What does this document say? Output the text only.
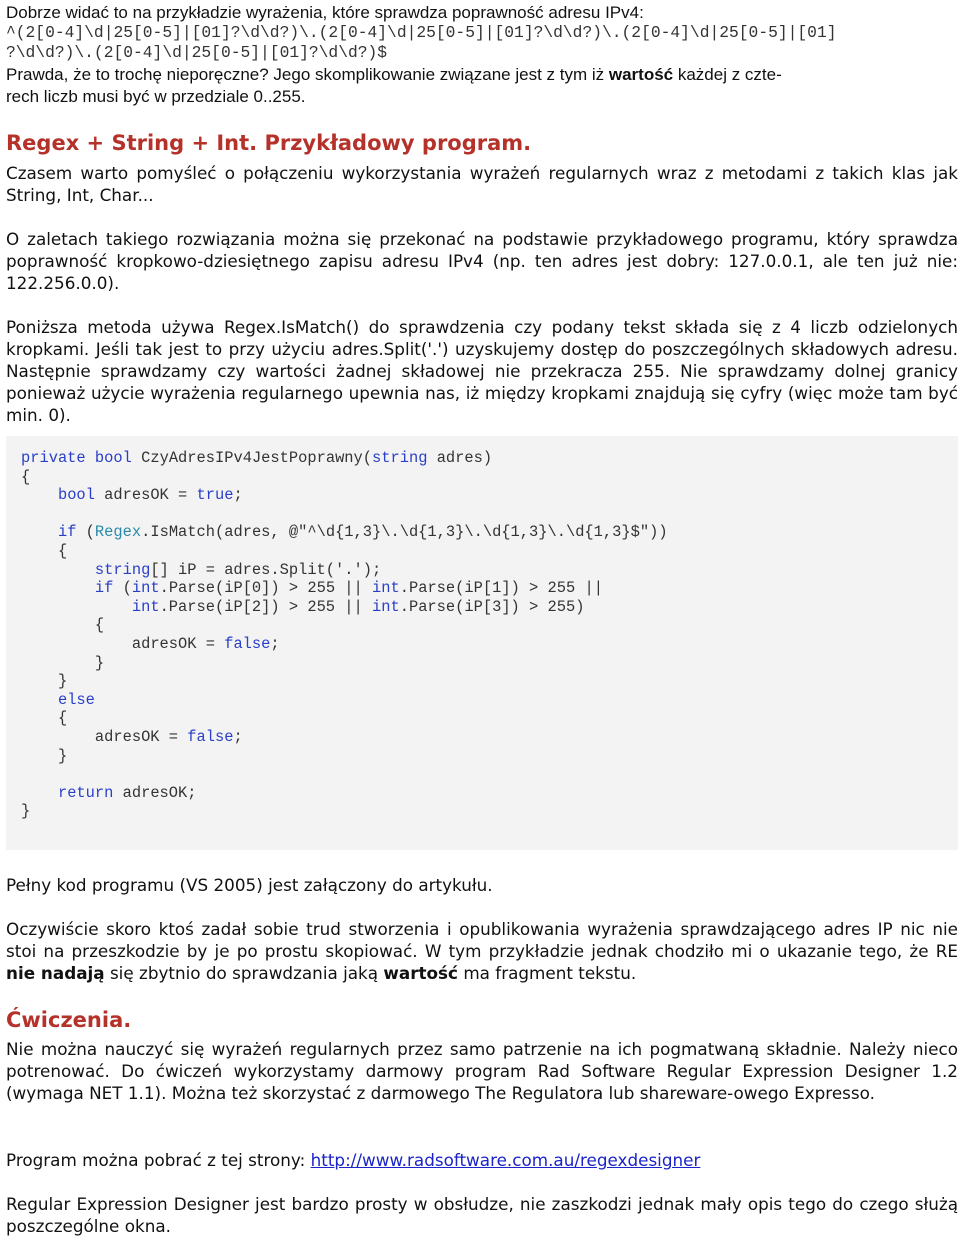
Dobrze widać to na przykładzie wyrażenia, które sprawdza poprawność adresu IPv4:

^(2[0-4]\d|25[0-5]|[01]?\d\d?)\.(2[0-4]\d|25[0-5]|[01]?\d\d?)\.(2[0-4]\d|25[0-5]|[01]
?\d\d?)\.(2[0-4]\d|25[0-5]|[01]?\d\d?)$

Prawda, że to trochę nieporęczne? Jego skomplikowanie związane jest z tym iż wartość każdej z czte-

rech liczb musi być w przedziale 0..255.

Regex + String + Int. Przykładowy program.

Czasem warto pomyśleć o połączeniu wykorzystania wyrażeń regularnych wraz z metodami z takich klas jak String, Int, Char...

O zaletach takiego rozwiązania można się przekonać na podstawie przykładowego programu, który sprawdza poprawność kropkowo-dziesiętnego zapisu adresu IPv4 (np. ten adres jest dobry: 127.0.0.1, ale ten już nie: 122.256.0.0).

Poniższa metoda używa Regex.IsMatch() do sprawdzenia czy podany tekst składa się z 4 liczb odzielonych kropkami. Jeśli tak jest to przy użyciu adres.Split('.') uzyskujemy dostęp do poszczególnych składowych adresu. Następnie sprawdzamy czy wartości żadnej składowej nie przekracza 255. Nie sprawdzamy dolnej granicy ponieważ użycie wyrażenia regularnego upewnia nas, iż między kropkami znajdują się cyfry (więc może tam być min. 0).

private bool CzyAdresIPv4JestPoprawny(string adres)
{
bool adresOK = true;

if (Regex.IsMatch(adres, @"^\d{1,3}\.\d{1,3}\.\d{1,3}\.\d{1,3}$"))
{
string[] iP = adres.Split('.');
if (int.Parse(iP[0]) > 255 || int.Parse(iP[1]) > 255 ||
int.Parse(iP[2]) > 255 || int.Parse(iP[3]) > 255)
{
adresOK = false;
}
}
else
{
adresOK = false;
}

return adresOK;
}

Pełny kod programu (VS 2005) jest załączony do artykułu.

Oczywiście skoro ktoś zadał sobie trud stworzenia i opublikowania wyrażenia sprawdzającego adres IP nic nie stoi na przeszkodzie by je po prostu skopiować. W tym przykładzie jednak chodziło mi o ukazanie tego, że RE nie nadają się zbytnio do sprawdzania jaką wartość ma fragment tekstu.

Ćwiczenia.

Nie można nauczyć się wyrażeń regularnych przez samo patrzenie na ich pogmatwaną składnie. Należy nieco potrenować. Do ćwiczeń wykorzystamy darmowy program Rad Software Regular Expression Designer 1.2 (wymaga NET 1.1). Można też skorzystać z darmowego The Regulatora lub shareware-owego Expresso.

Program można pobrać z tej strony: http://www.radsoftware.com.au/regexdesigner

Regular Expression Designer jest bardzo prosty w obsłudze, nie zaszkodzi jednak mały opis tego do czego służą poszczególne okna.
